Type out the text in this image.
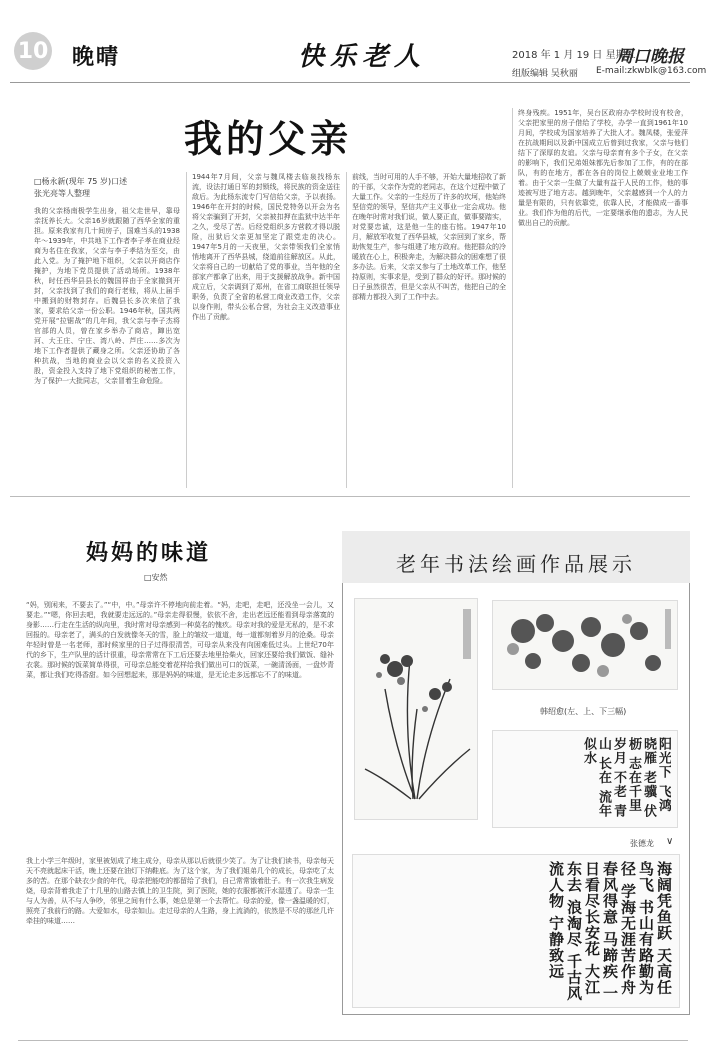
10 晚晴	快乐老人	2018 年 1 月 19 日 星期五
周口晚报
组版编辑 吴秋丽 E-mail:zkwblk@163.com
我的父亲
□杨永新(现年 75 岁)口述
张光亮等人整理
我的父亲杨南极学生出身，祖父走世早，靠母亲抚养长大。父亲16岁就跟随了西华全家的重担。原来我家有几十间房子，国难当头的1938年～1939年，中共地下工作者李子孝在商业经商为名住在我家，父亲与李子孝结为至交，由此入党。为了掩护地下组织，父亲以开商店作掩护，为地下党员提供了活动场所。1938年秋，时任西华县县长的魏国祥由于全家撤到开封，父亲找到了我们的商行老账，将从上届手中搬到的财物封存。后魏县长多次来信了我家，要求给父亲一份公职。1946年秋，国共两党开展“拉锯战”的几年间，我父亲与李子杰将官部的人员，曾在家乡举办了商店，蹿出宽河、大王庄、宁庄、湾八岭、芦庄……多次为地下工作者提供了藏身之所。父亲还协助了各种抗战，当地的商业会以父亲的名义投资入股，资金投入支持了地下党组织的秘密工作，为了保护一大批同志，父亲冒着生命危险。
1944年7月间，父亲与魏凤楼去临泉找杨东流，设法打通日军的封锁线，将民族的资金送往敌后。为此杨东流专门写信给父亲，予以表扬。1946年在开封的时候，国民党特务以开会为名将父亲骗到了开封，父亲被扣押在监狱中达半年之久，受尽了苦。后经党组织多方营救才得以脱险，出狱后父亲更加坚定了跟党走的决心。1947年5月的一天夜里，父亲带领我们全家悄悄地离开了西华县城，绕道前往解放区。从此，父亲将自己的一切献给了党的事业，当年他的全部家产都拿了出来，用于支援解放战争。新中国成立后，父亲调到了郑州，在省工商联担任领导职务，负责了全省的私营工商业改造工作，父亲以身作则，带头公私合营，为社会主义改造事业作出了贡献。
前线，当时可用的人手不够，开始大量地招收了新的干部，父亲作为党的老同志，在这个过程中做了大量工作。父亲的一生经历了许多的坎坷，他始终坚信党的领导，坚信共产主义事业一定会成功。他在晚年时常对我们说，做人要正直，做事要踏实，对党要忠诚，这是他一生的座右铭。1947年10月，解放军收复了西华县城，父亲回到了家乡，帮助恢复生产，参与组建了地方政府。他把群众的冷暖放在心上，积极奔走，为解决群众的困难想了很多办法。后来，父亲又参与了土地改革工作，他坚持原则，实事求是，受到了群众的好评。那时候的日子虽然很苦，但是父亲从不叫苦，他把自己的全部精力都投入到了工作中去。
终身残疾。1951年，吴台区政府办学校时没有校舍，父亲把家里的房子借给了学校，办学一直到1961年10月间，学校成为国家培养了大批人才。魏凤楼，张爱萍在抗战期间以及新中国成立后曾到过我家，父亲与他们结下了深厚的友谊。父亲与母亲育有多个子女，在父亲的影响下，我们兄弟姐妹都先后参加了工作，有的在部队，有的在地方，都在各自的岗位上兢兢业业地工作着。由于父亲一生做了大量有益于人民的工作，他的事迹被写进了地方志。越到晚年，父亲越感到一个人的力量是有限的，只有依靠党，依靠人民，才能做成一番事业。我们作为他的后代，一定要继承他的遗志，为人民做出自己的贡献。
妈妈的味道
□安然
“妈，别闲来，不要去了。”“中，中。”母亲许不停地向前走着。“妈，走吧，走吧，还没坐一会儿，又要走。”“嗯，你回去吧，我就要走远远的。”母亲走得很慢，依依不舍，走出老远还能看到母亲落寞的身影……行走在生活的纵向里，我时常对母亲感到一种莫名的愧疚。母亲对我的爱是无私的，是不求回报的。母亲老了，满头的白发就像冬天的雪，脸上的皱纹一道道，每一道都刻着岁月的沧桑。母亲年轻时曾是一名老师，那时候家里的日子过得很清苦，可母亲从来没有向困难低过头。上世纪70年代的乡下，生产队里的活计很重，母亲常常在下工后还要去地里拾柴火，回家还要给我们做饭、缝补衣裳。那时候的饭菜简单得很，可母亲总能变着花样给我们做出可口的饭菜，一碗清汤面，一盘炒青菜，都让我们吃得香甜。如今回想起来，那是妈妈的味道，是无论走多远都忘不了的味道。
我上小学三年级时，家里被划成了地主成分，母亲从那以后就很少笑了。为了让我们读书，母亲每天天不亮就起床干活，晚上还要在油灯下纳鞋底。为了这个家，为了我们姐弟几个的成长，母亲吃了太多的苦。在那个缺衣少食的年代，母亲把能吃的都留给了我们，自己常常饿着肚子。有一次我生病发烧，母亲背着我走了十几里的山路去镇上的卫生院，到了医院，她的衣服都被汗水湿透了。母亲一生与人为善，从不与人争吵，邻里之间有什么事，她总是第一个去帮忙。母亲的爱，像一盏温暖的灯，照亮了我前行的路。大爱如水，母亲如山。走过母亲的人生路，身上流淌的，依然是不尽的那丝几许牵挂的味道……
老年书法绘画作品展示
韩绍愈(左、上、下三幅)
阳光下 飞鸿 晓雁 老骥 伏枥 志在千里 岁月 不老 青山 长在 流年 似水
张德龙 ∨
海阔凭鱼跃 天高任鸟飞 书山有路勤为径 学海无涯苦作舟 春风得意 马蹄疾 一日看尽长安花 大江东去 浪淘尽 千古风流人物 宁静致远
